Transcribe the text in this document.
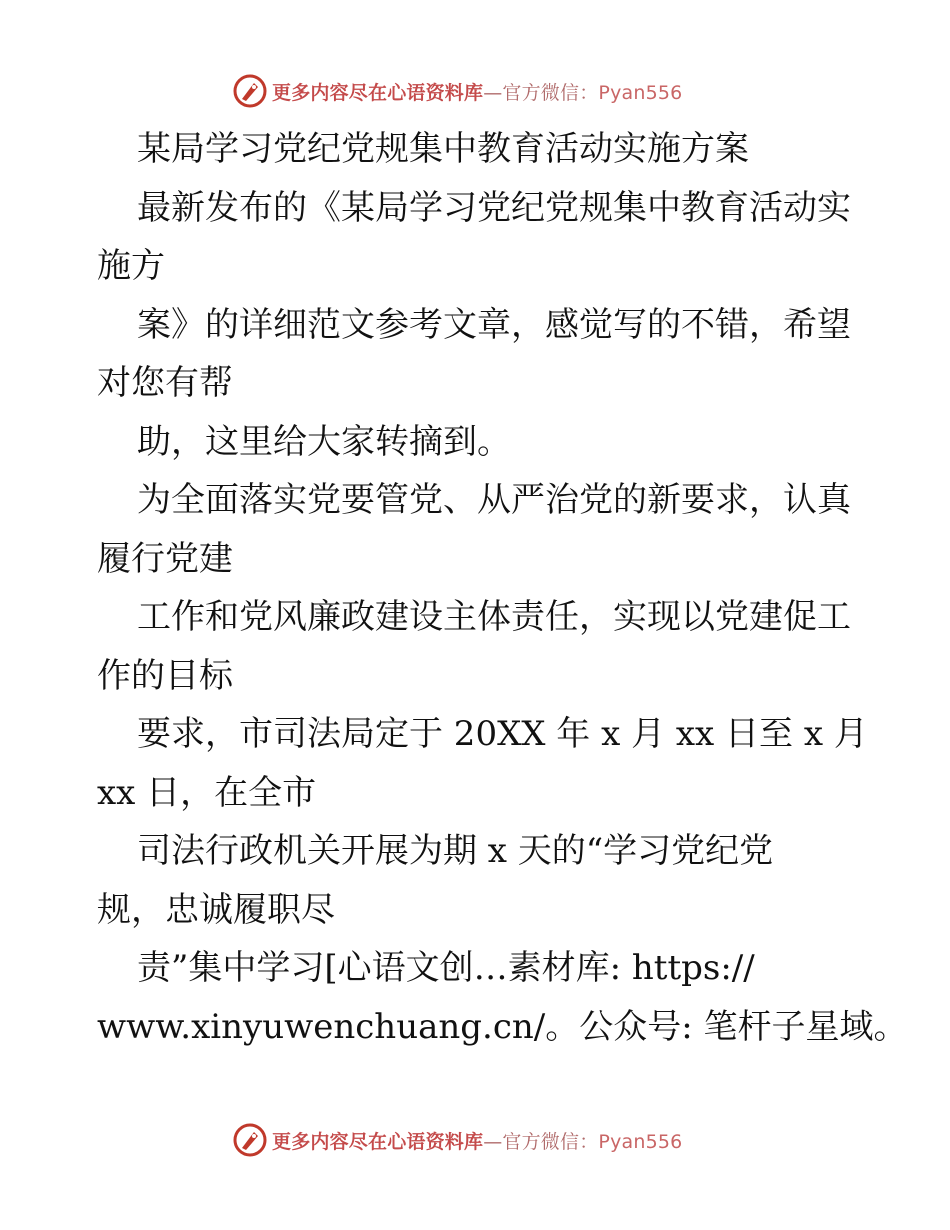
更多内容尽在心语资料库—官方微信：Pyan556
某局学习党纪党规集中教育活动实施方案
最新发布的《某局学习党纪党规集中教育活动实
施方
案》的详细范文参考文章，感觉写的不错，希望
对您有帮
助，这里给大家转摘到。
为全面落实党要管党、从严治党的新要求，认真
履行党建
工作和党风廉政建设主体责任，实现以党建促工
作的目标
要求，市司法局定于 20XX 年 x 月 xx 日至 x 月
xx 日，在全市
司法行政机关开展为期 x 天的“学习党纪党
规，忠诚履职尽
责”集中学习[心语文创…素材库: https://
www.xinyuwenchuang.cn/。公众号: 笔杆子星域。
更多内容尽在心语资料库—官方微信：Pyan556
